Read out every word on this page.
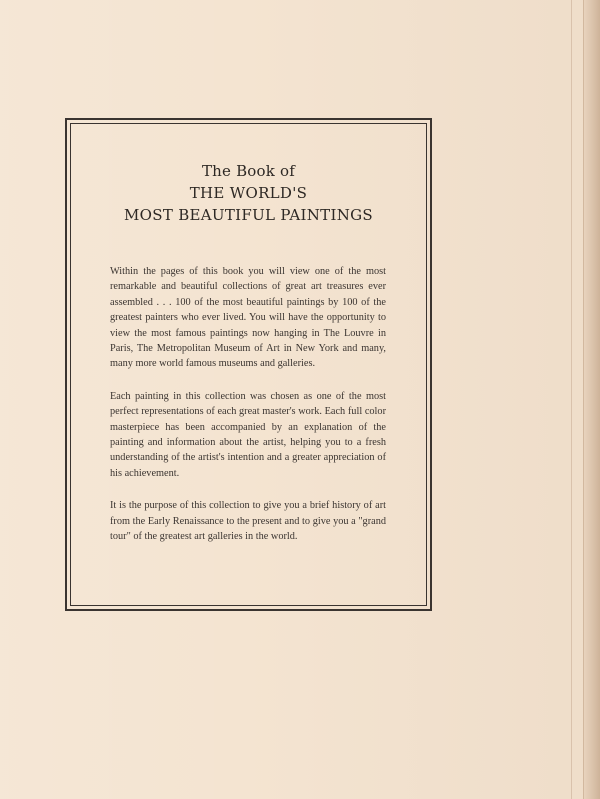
The Book of
THE WORLD'S
MOST BEAUTIFUL PAINTINGS

Within the pages of this book you will view one of the most remarkable and beautiful collections of great art treasures ever assembled . . . 100 of the most beautiful paintings by 100 of the greatest painters who ever lived. You will have the opportunity to view the most famous paintings now hanging in The Louvre in Paris, The Metropolitan Museum of Art in New York and many, many more world famous museums and galleries.

Each painting in this collection was chosen as one of the most perfect representations of each great master's work. Each full color masterpiece has been accompanied by an explanation of the painting and information about the artist, helping you to a fresh understanding of the artist's intention and a greater appreciation of his achievement.

It is the purpose of this collection to give you a brief history of art from the Early Renaissance to the present and to give you a "grand tour" of the greatest art galleries in the world.
